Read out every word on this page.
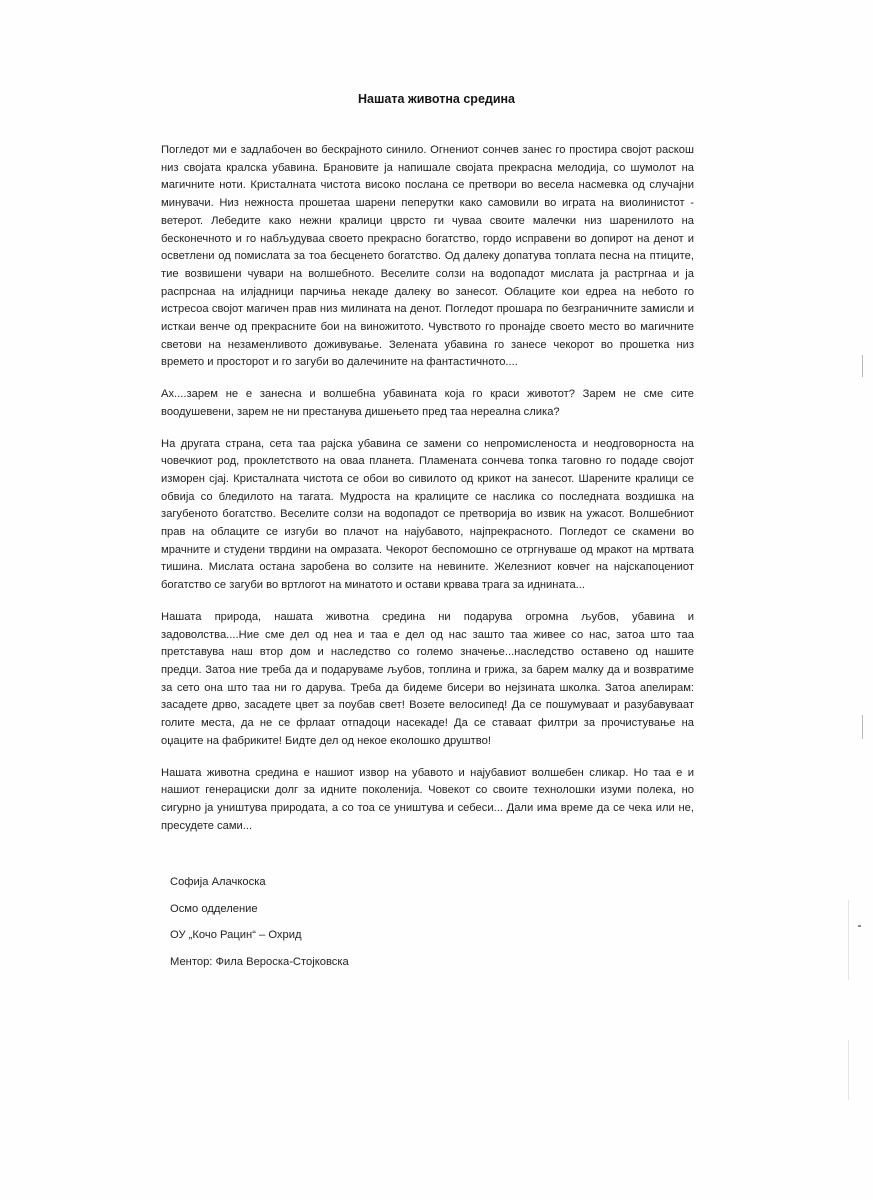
Нашата животна средина

Погледот ми е задлабочен во бескрајното синило. Огнениот сончев занес го простира својот раскош низ својата кралска убавина. Брановите ја напишале својата прекрасна мелодија, со шумолот на магичните ноти. Кристалната чистота високо послана се претвори во весела насмевка од случајни минувачи. Низ нежноста прошетаа шарени пеперутки како самовили во играта на виолинистот - ветерот. Лебедите како нежни кралици цврсто ги чуваа своите малечки низ шаренилото на бесконечното и го набљудуваа своето прекрасно богатство, гордо исправени во допирот на денот и осветлени од помислата за тоа бесценето богатство. Од далеку допатува топлата песна на птиците, тие возвишени чувари на волшебното. Веселите солзи на водопадот мислата ја растргнаа и ја распрснаа на илјадници парчиња некаде далеку во занесот. Облаците кои едреа на небото го истресоа својот магичен прав низ милината на денот. Погледот прошара по безграничните замисли и исткаи венче од прекрасните бои на виножитото. Чувството го пронајде своето место во магичните светови на незаменливото доживување. Зелената убавина го занесе чекорот во прошетка низ времето и просторот и го загуби во далечините на фантастичното....

Ах....зарем не е занесна и волшебна убавината која го краси животот? Зарем не сме сите воодушевени, зарем не ни престанува дишењето пред таа нереална слика?

На другата страна, сета таа рајска убавина се замени со непромисленоста и неодговорноста на човечкиот род, проклетството на оваа планета. Пламената сончева топка таговно го подаде својот изморен сјај. Кристалната чистота се обои во сивилото од крикот на занесот. Шарените кралици се обвија со бледилото на тагата. Мудроста на кралиците се наслика со последната воздишка на загубеното богатство. Веселите солзи на водопадот се претворија во извик на ужасот. Волшебниот прав на облаците се изгуби во плачот на најубавото, најпрекрасното. Погледот се скамени во мрачните и студени тврдини на омразата. Чекорот беспомошно се отргнуваше од мракот на мртвата тишина. Мислата остана заробена во солзите на невините. Железниот ковчег на најскапоцениот богатство се загуби во вртлогот на минатото и остави крвава трага за иднината...

Нашата природа, нашата животна средина ни подарува огромна љубов, убавина и задоволства....Ние сме дел од неа и таа е дел од нас зашто таа живее со нас, затоа што таа претставува наш втор дом и наследство со големо значење...наследство оставено од нашите предци. Затоа ние треба да и подаруваме љубов, топлина и грижа, за барем малку да и возвратиме за сето она што таа ни го дарува. Треба да бидеме бисери во нејзината школка. Затоа апелирам: засадете дрво, засадете цвет за поубав свет! Возете велосипед! Да се пошумуваат и разубавуваат голите места, да не се фрлаат отпадоци насекаде! Да се ставаат филтри за прочистување на оџаците на фабриките! Бидте дел од некое еколошко друштво!

Нашата животна средина е нашиот извор на убавото и најубавиот волшебен сликар. Но таа е и нашиот генерациски долг за идните поколенија. Човекот со своите технолошки изуми полека, но сигурно ја уништува природата, а со тоа се уништува и себеси... Дали има време да се чека или не, пресудете сами...

Софија Алачкоска
Осмо одделение
ОУ „Кочо Рацин“ – Охрид
Ментор: Фила Вероска-Стојковска
